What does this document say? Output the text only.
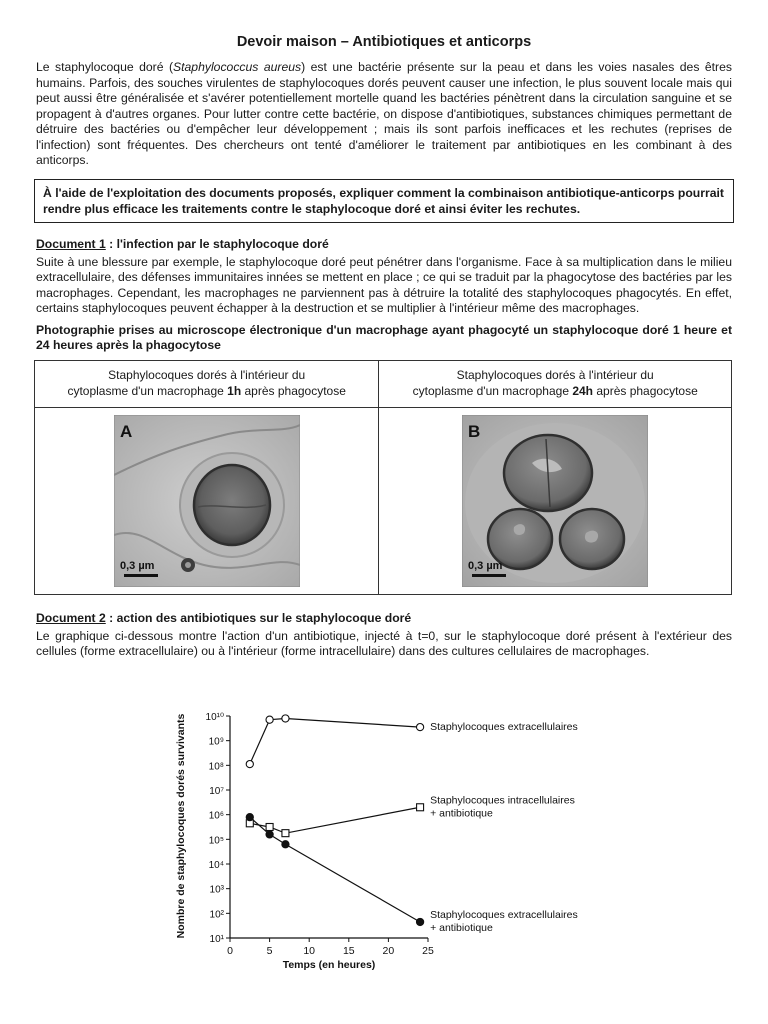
Devoir maison – Antibiotiques et anticorps

Le staphylocoque doré (Staphylococcus aureus) est une bactérie présente sur la peau et dans les voies nasales des êtres humains. Parfois, des souches virulentes de staphylocoques dorés peuvent causer une infection, le plus souvent locale mais qui peut aussi être généralisée et s'avérer potentiellement mortelle quand les bactéries pénètrent dans la circulation sanguine et se propagent à d'autres organes. Pour lutter contre cette bactérie, on dispose d'antibiotiques, substances chimiques permettant de détruire des bactéries ou d'empêcher leur développement ; mais ils sont parfois inefficaces et les rechutes (reprises de l'infection) sont fréquentes. Des chercheurs ont tenté d'améliorer le traitement par antibiotiques en les combinant à des anticorps.

À l'aide de l'exploitation des documents proposés, expliquer comment la combinaison antibiotique-anticorps pourrait rendre plus efficace les traitements contre le staphylocoque doré et ainsi éviter les rechutes.
Document 1 : l'infection par le staphylocoque doré

Suite à une blessure par exemple, le staphylocoque doré peut pénétrer dans l'organisme. Face à sa multiplication dans le milieu extracellulaire, des défenses immunitaires innées se mettent en place ; ce qui se traduit par la phagocytose des bactéries par les macrophages. Cependant, les macrophages ne parviennent pas à détruire la totalité des staphylocoques phagocytés. En effet, certains staphylocoques peuvent échapper à la destruction et se multiplier à l'intérieur même des macrophages.

Photographie prises au microscope électronique d'un macrophage ayant phagocyté un staphylocoque doré 1 heure et 24 heures après la phagocytose

Staphylocoques dorés à l'intérieur du
cytoplasme d'un macrophage 1h après phagocytose	Staphylocoques dorés à l'intérieur du
cytoplasme d'un macrophage 24h après phagocytose

A
0,3 µm	B
0,3 µm
Document 2 : action des antibiotiques sur le staphylocoque doré

Le graphique ci-dessous montre l'action d'un antibiotique, injecté à t=0, sur le staphylocoque doré présent à l'extérieur des cellules (forme extracellulaire) ou à l'intérieur (forme intracellulaire) dans des cultures cellulaires de macrophages.

0	5	10	15	20	25
10¹
10²
10³
10⁴
10⁵
10⁶
10⁷
10⁸
10⁹
10¹⁰
Staphylocoques extracellulaires
Staphylocoques intracellulaires
+ antibiotique
Staphylocoques extracellulaires
+ antibiotique
Nombre de staphylocoques dorés survivants
Temps (en heures)
